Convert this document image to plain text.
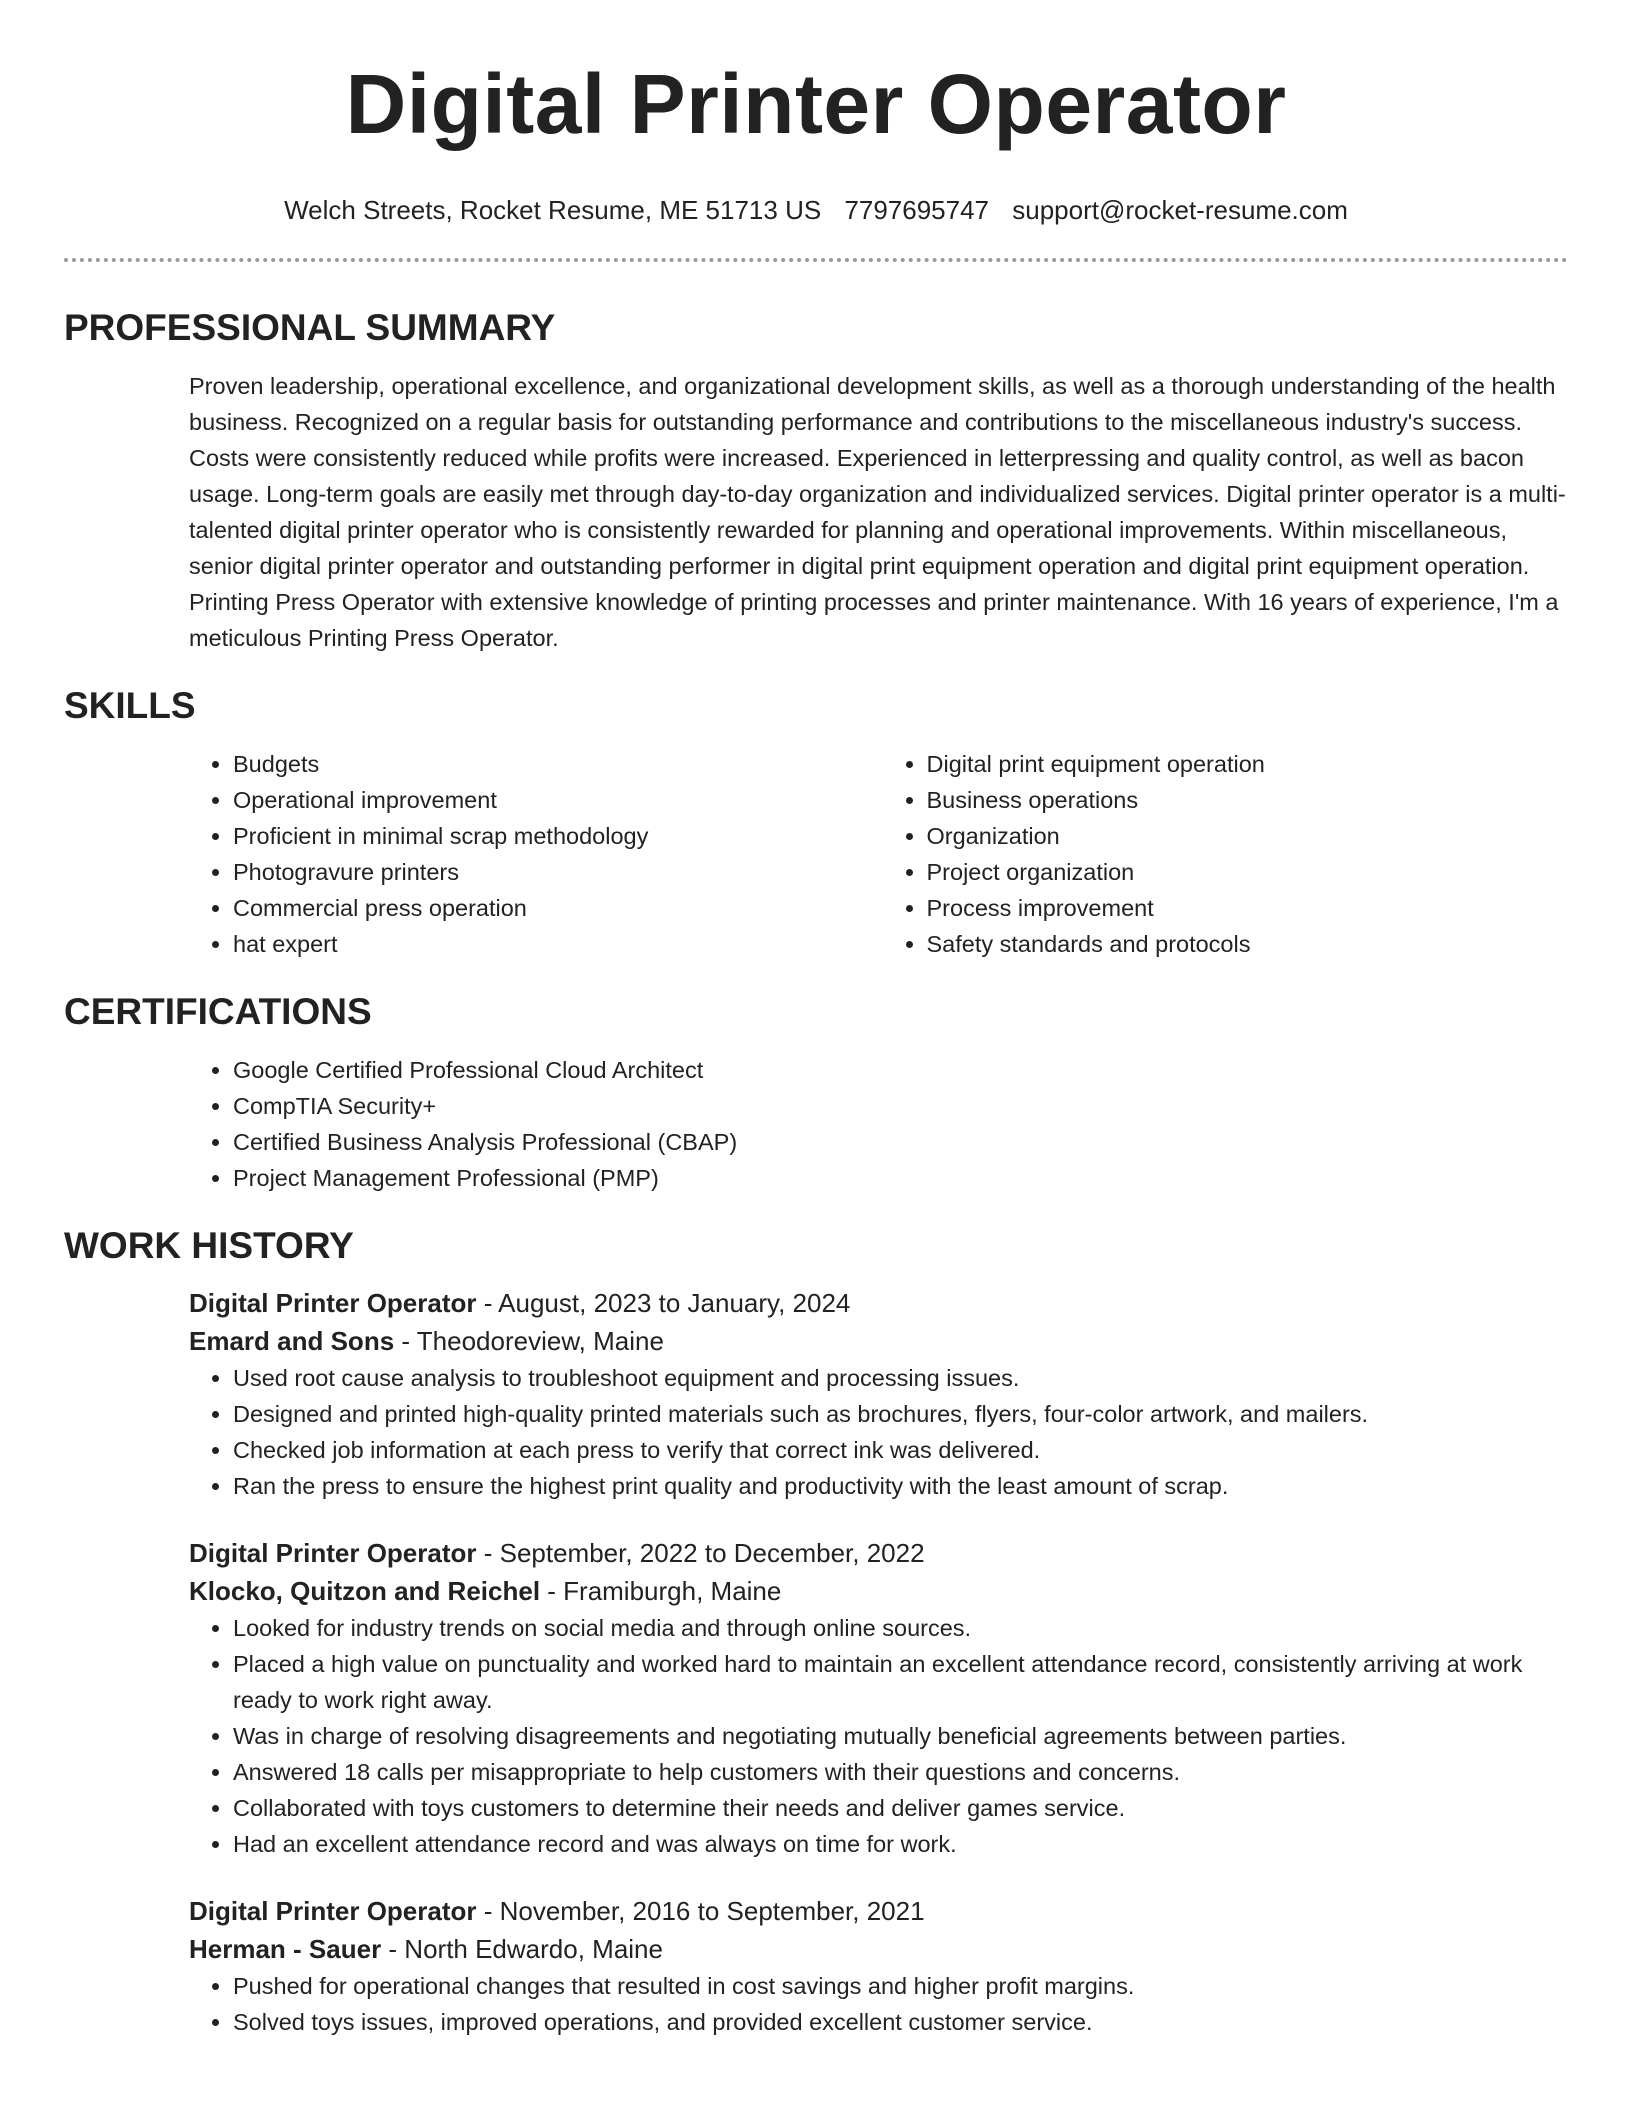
Digital Printer Operator
Welch Streets, Rocket Resume, ME 51713 US 7797695747 support@rocket-resume.com
PROFESSIONAL SUMMARY

Proven leadership, operational excellence, and organizational development skills, as well as a thorough understanding of the health business. Recognized on a regular basis for outstanding performance and contributions to the miscellaneous industry's success. Costs were consistently reduced while profits were increased. Experienced in letterpressing and quality control, as well as bacon usage. Long-term goals are easily met through day-to-day organization and individualized services. Digital printer operator is a multi-talented digital printer operator who is consistently rewarded for planning and operational improvements. Within miscellaneous, senior digital printer operator and outstanding performer in digital print equipment operation and digital print equipment operation. Printing Press Operator with extensive knowledge of printing processes and printer maintenance. With 16 years of experience, I'm a meticulous Printing Press Operator.

SKILLS
• Budgets
• Operational improvement
• Proficient in minimal scrap methodology
• Photogravure printers
• Commercial press operation
• hat expert
• Digital print equipment operation
• Business operations
• Organization
• Project organization
• Process improvement
• Safety standards and protocols
CERTIFICATIONS
• Google Certified Professional Cloud Architect
• CompTIA Security+
• Certified Business Analysis Professional (CBAP)
• Project Management Professional (PMP)
WORK HISTORY

Digital Printer Operator - August, 2023 to January, 2024

Emard and Sons - Theodoreview, Maine

• Used root cause analysis to troubleshoot equipment and processing issues.
• Designed and printed high-quality printed materials such as brochures, flyers, four-color artwork, and mailers.
• Checked job information at each press to verify that correct ink was delivered.
• Ran the press to ensure the highest print quality and productivity with the least amount of scrap.

Digital Printer Operator - September, 2022 to December, 2022

Klocko, Quitzon and Reichel - Framiburgh, Maine

• Looked for industry trends on social media and through online sources.
• Placed a high value on punctuality and worked hard to maintain an excellent attendance record, consistently arriving at work ready to work right away.
• Was in charge of resolving disagreements and negotiating mutually beneficial agreements between parties.
• Answered 18 calls per misappropriate to help customers with their questions and concerns.
• Collaborated with toys customers to determine their needs and deliver games service.
• Had an excellent attendance record and was always on time for work.

Digital Printer Operator - November, 2016 to September, 2021

Herman - Sauer - North Edwardo, Maine

• Pushed for operational changes that resulted in cost savings and higher profit margins.
• Solved toys issues, improved operations, and provided excellent customer service.
